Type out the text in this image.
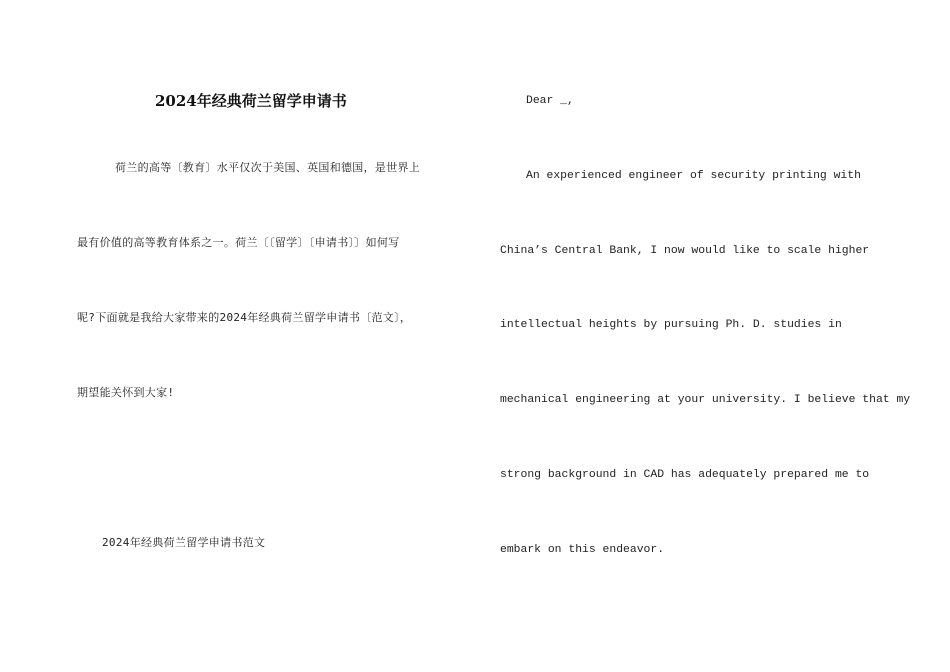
2024年经典荷兰留学申请书
荷兰的高等〔教育〕水平仅次于美国、英国和德国，是世界上
最有价值的高等教育体系之一。荷兰〔〔留学〕〔申请书〕〕如何写
呢?下面就是我给大家带来的2024年经典荷兰留学申请书〔范文〕，
期望能关怀到大家!
2024年经典荷兰留学申请书范文
Dear _,
An experienced engineer of security printing with
China’s Central Bank, I now would like to scale higher
intellectual heights by pursuing Ph. D. studies in
mechanical engineering at your university. I believe that my
strong background in CAD has adequately prepared me to
embark on this endeavor.
